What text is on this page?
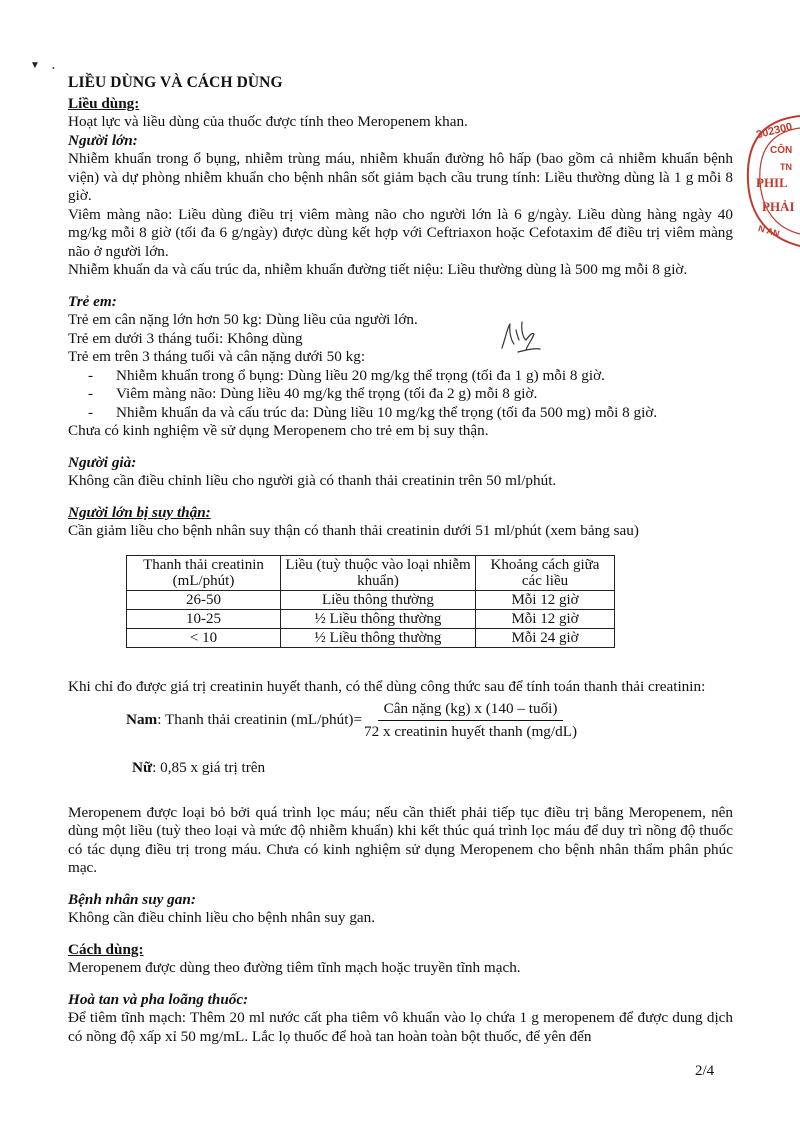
▼ •
LIỀU DÙNG VÀ CÁCH DÙNG
Liều dùng:

Hoạt lực và liều dùng của thuốc được tính theo Meropenem khan.

Người lớn:

Nhiễm khuẩn trong ổ bụng, nhiễm trùng máu, nhiễm khuẩn đường hô hấp (bao gồm cả nhiễm khuẩn bệnh viện) và dự phòng nhiễm khuẩn cho bệnh nhân sốt giảm bạch cầu trung tính: Liều thường dùng là 1 g mỗi 8 giờ.

Viêm màng não: Liều dùng điều trị viêm màng não cho người lớn là 6 g/ngày. Liều dùng hàng ngày 40 mg/kg mỗi 8 giờ (tối đa 6 g/ngày) được dùng kết hợp với Ceftriaxon hoặc Cefotaxim để điều trị viêm màng não ở người lớn.

Nhiễm khuẩn da và cấu trúc da, nhiễm khuẩn đường tiết niệu: Liều thường dùng là 500 mg mỗi 8 giờ.

Trẻ em:

Trẻ em cân nặng lớn hơn 50 kg: Dùng liều của người lớn.

Trẻ em dưới 3 tháng tuổi: Không dùng

Trẻ em trên 3 tháng tuổi và cân nặng dưới 50 kg:

- Nhiễm khuẩn trong ổ bụng: Dùng liều 20 mg/kg thể trọng (tối đa 1 g) mỗi 8 giờ.
- Viêm màng não: Dùng liều 40 mg/kg thể trọng (tối đa 2 g) mỗi 8 giờ.
- Nhiễm khuẩn da và cấu trúc da: Dùng liều 10 mg/kg thể trọng (tối đa 500 mg) mỗi 8 giờ.

Chưa có kinh nghiệm về sử dụng Meropenem cho trẻ em bị suy thận.

Người già:

Không cần điều chỉnh liều cho người già có thanh thải creatinin trên 50 ml/phút.

Người lớn bị suy thận:

Cần giảm liều cho bệnh nhân suy thận có thanh thải creatinin dưới 51 ml/phút (xem bảng sau)

Thanh thải creatinin (mL/phút)	Liều (tuỳ thuộc vào loại nhiễm khuẩn)	Khoảng cách giữa các liều
26-50	Liều thông thường	Mỗi 12 giờ
10-25	½ Liều thông thường	Mỗi 12 giờ
< 10	½ Liều thông thường	Mỗi 24 giờ

Khi chỉ đo được giá trị creatinin huyết thanh, có thể dùng công thức sau để tính toán thanh thải creatinin:

Nam: Thanh thải creatinin (mL/phút)= $\frac{\text{Cân nặng (kg) x (140 – tuổi)}}{\text{72 x creatinin huyết thanh (mg/dL)}}$
Nữ: 0,85 x giá trị trên

Meropenem được loại bỏ bởi quá trình lọc máu; nếu cần thiết phải tiếp tục điều trị bằng Meropenem, nên dùng một liều (tuỳ theo loại và mức độ nhiễm khuẩn) khi kết thúc quá trình lọc máu để duy trì nồng độ thuốc có tác dụng điều trị trong máu. Chưa có kinh nghiệm sử dụng Meropenem cho bệnh nhân thẩm phân phúc mạc.

Bệnh nhân suy gan:

Không cần điều chỉnh liều cho bệnh nhân suy gan.

Cách dùng:

Meropenem được dùng theo đường tiêm tĩnh mạch hoặc truyền tĩnh mạch.

Hoà tan và pha loãng thuốc:

Để tiêm tĩnh mạch: Thêm 20 ml nước cất pha tiêm vô khuẩn vào lọ chứa 1 g meropenem để được dung dịch có nồng độ xấp xỉ 50 mg/mL. Lắc lọ thuốc để hoà tan hoàn toàn bột thuốc, để yên đến

302300
CÔN
TN
PHIL
PHẢI
N AN
2/4
